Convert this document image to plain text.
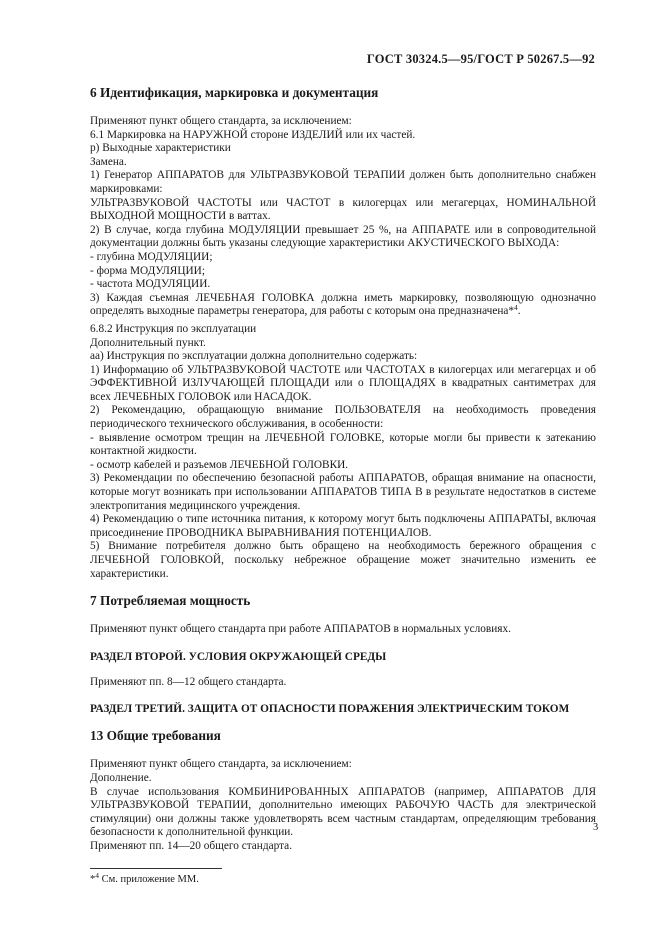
ГОСТ 30324.5—95/ГОСТ Р 50267.5—92
6 Идентификация, маркировка и документация

Применяют пункт общего стандарта, за исключением:

6.1 Маркировка на НАРУЖНОЙ стороне ИЗДЕЛИЙ или их частей.

р) Выходные характеристики

Замена.

1) Генератор АППАРАТОВ для УЛЬТРАЗВУКОВОЙ ТЕРАПИИ должен быть дополнительно снабжен маркировками:

УЛЬТРАЗВУКОВОЙ ЧАСТОТЫ или ЧАСТОТ в килогерцах или мегагерцах, НОМИНАЛЬНОЙ ВЫХОДНОЙ МОЩНОСТИ в ваттах.

2) В случае, когда глубина МОДУЛЯЦИИ превышает 25 %, на АППАРАТЕ или в сопроводительной документации должны быть указаны следующие характеристики АКУСТИЧЕСКОГО ВЫХОДА:

- глубина МОДУЛЯЦИИ;

- форма МОДУЛЯЦИИ;

- частота МОДУЛЯЦИИ.

3) Каждая съемная ЛЕЧЕБНАЯ ГОЛОВКА должна иметь маркировку, позволяющую однозначно определять выходные параметры генератора, для работы с которым она предназначена*$^4$.

6.8.2 Инструкция по эксплуатации

Дополнительный пункт.

аа) Инструкция по эксплуатации должна дополнительно содержать:

1) Информацию об УЛЬТРАЗВУКОВОЙ ЧАСТОТЕ или ЧАСТОТАХ в килогерцах или мегагерцах и об ЭФФЕКТИВНОЙ ИЗЛУЧАЮЩЕЙ ПЛОЩАДИ или о ПЛОЩАДЯХ в квадратных сантиметрах для всех ЛЕЧЕБНЫХ ГОЛОВОК или НАСАДОК.

2) Рекомендацию, обращающую внимание ПОЛЬЗОВАТЕЛЯ на необходимость проведения периодического технического обслуживания, в особенности:

- выявление осмотром трещин на ЛЕЧЕБНОЙ ГОЛОВКЕ, которые могли бы привести к затеканию контактной жидкости.

- осмотр кабелей и разъемов ЛЕЧЕБНОЙ ГОЛОВКИ.

3) Рекомендации по обеспечению безопасной работы АППАРАТОВ, обращая внимание на опасности, которые могут возникать при использовании АППАРАТОВ ТИПА В в результате недостатков в системе электропитания медицинского учреждения.

4) Рекомендацию о типе источника питания, к которому могут быть подключены АППАРАТЫ, включая присоединение ПРОВОДНИКА ВЫРАВНИВАНИЯ ПОТЕНЦИАЛОВ.

5) Внимание потребителя должно быть обращено на необходимость бережного обращения с ЛЕЧЕБНОЙ ГОЛОВКОЙ, поскольку небрежное обращение может значительно изменить ее характеристики.

7 Потребляемая мощность

Применяют пункт общего стандарта при работе АППАРАТОВ в нормальных условиях.

РАЗДЕЛ ВТОРОЙ. УСЛОВИЯ ОКРУЖАЮЩЕЙ СРЕДЫ

Применяют пп. 8—12 общего стандарта.

РАЗДЕЛ ТРЕТИЙ. ЗАЩИТА ОТ ОПАСНОСТИ ПОРАЖЕНИЯ ЭЛЕКТРИЧЕСКИМ ТОКОМ
13 Общие требования

Применяют пункт общего стандарта, за исключением:

Дополнение.

В случае использования КОМБИНИРОВАННЫХ АППАРАТОВ (например, АППАРАТОВ ДЛЯ УЛЬТРАЗВУКОВОЙ ТЕРАПИИ, дополнительно имеющих РАБОЧУЮ ЧАСТЬ для электрической стимуляции) они должны также удовлетворять всем частным стандартам, определяющим требования безопасности к дополнительной функции.

Применяют пп. 14—20 общего стандарта.

*$^4$ См. приложение ММ.

3
